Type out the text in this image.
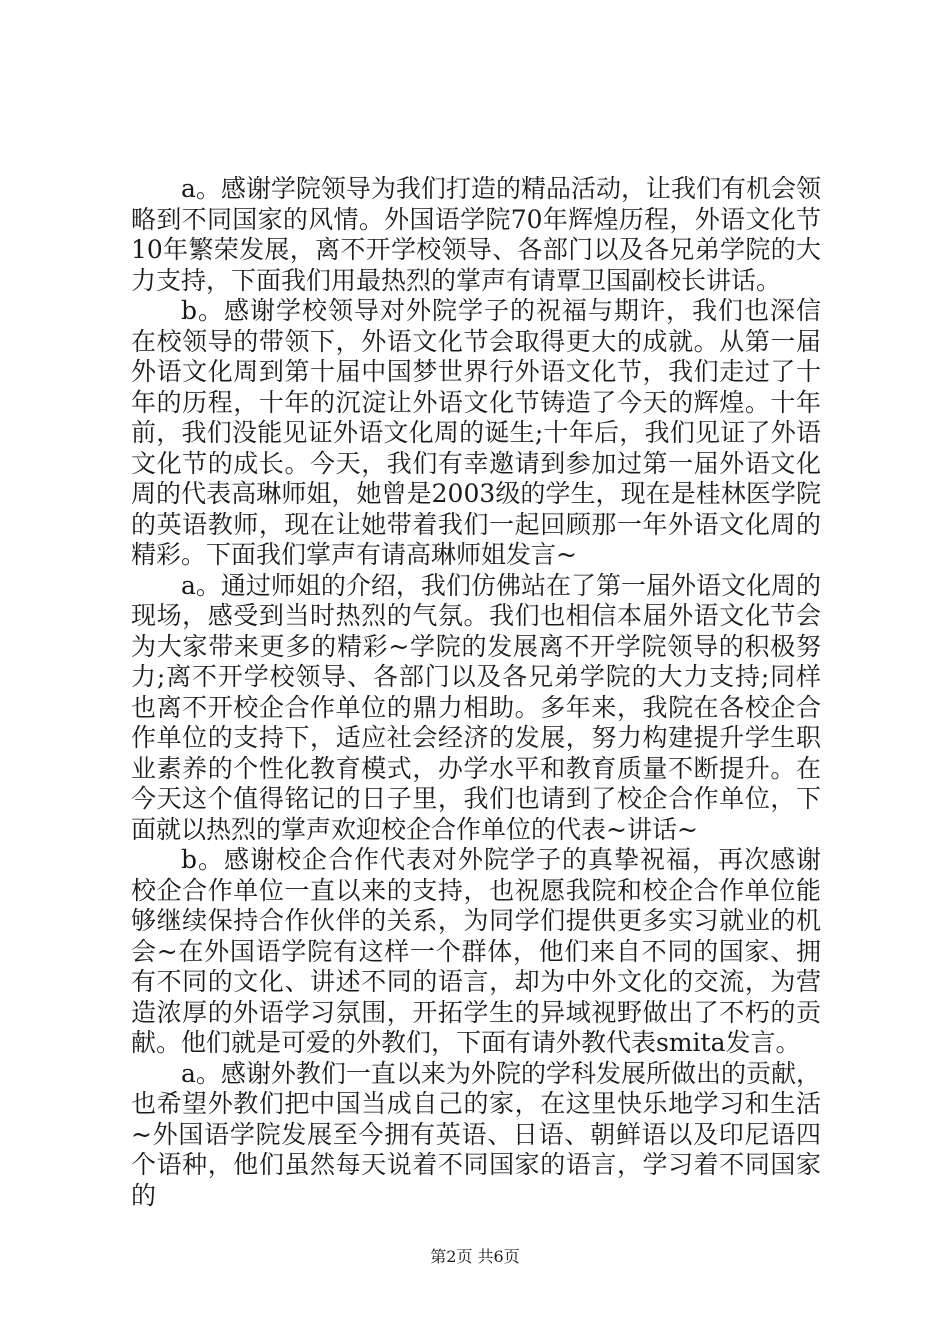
a。感谢学院领导为我们打造的精品活动，让我们有机会领略到不同国家的风情。外国语学院70年辉煌历程，外语文化节10年繁荣发展，离不开学校领导、各部门以及各兄弟学院的大力支持，下面我们用最热烈的掌声有请覃卫国副校长讲话。

b。感谢学校领导对外院学子的祝福与期许，我们也深信在校领导的带领下，外语文化节会取得更大的成就。从第一届外语文化周到第十届中国梦世界行外语文化节，我们走过了十年的历程，十年的沉淀让外语文化节铸造了今天的辉煌。十年前，我们没能见证外语文化周的诞生;十年后，我们见证了外语文化节的成长。今天，我们有幸邀请到参加过第一届外语文化周的代表高琳师姐，她曾是2003级的学生，现在是桂林医学院的英语教师，现在让她带着我们一起回顾那一年外语文化周的精彩。下面我们掌声有请高琳师姐发言~

a。通过师姐的介绍，我们仿佛站在了第一届外语文化周的现场，感受到当时热烈的气氛。我们也相信本届外语文化节会为大家带来更多的精彩~学院的发展离不开学院领导的积极努力;离不开学校领导、各部门以及各兄弟学院的大力支持;同样也离不开校企合作单位的鼎力相助。多年来，我院在各校企合作单位的支持下，适应社会经济的发展，努力构建提升学生职业素养的个性化教育模式，办学水平和教育质量不断提升。在今天这个值得铭记的日子里，我们也请到了校企合作单位，下面就以热烈的掌声欢迎校企合作单位的代表~讲话~

b。感谢校企合作代表对外院学子的真挚祝福，再次感谢校企合作单位一直以来的支持，也祝愿我院和校企合作单位能够继续保持合作伙伴的关系，为同学们提供更多实习就业的机会~在外国语学院有这样一个群体，他们来自不同的国家、拥有不同的文化、讲述不同的语言，却为中外文化的交流，为营造浓厚的外语学习氛围，开拓学生的异域视野做出了不朽的贡献。他们就是可爱的外教们，下面有请外教代表smita发言。

a。感谢外教们一直以来为外院的学科发展所做出的贡献，也希望外教们把中国当成自己的家，在这里快乐地学习和生活~外国语学院发展至今拥有英语、日语、朝鲜语以及印尼语四个语种，他们虽然每天说着不同国家的语言，学习着不同国家的

第2页 共6页
